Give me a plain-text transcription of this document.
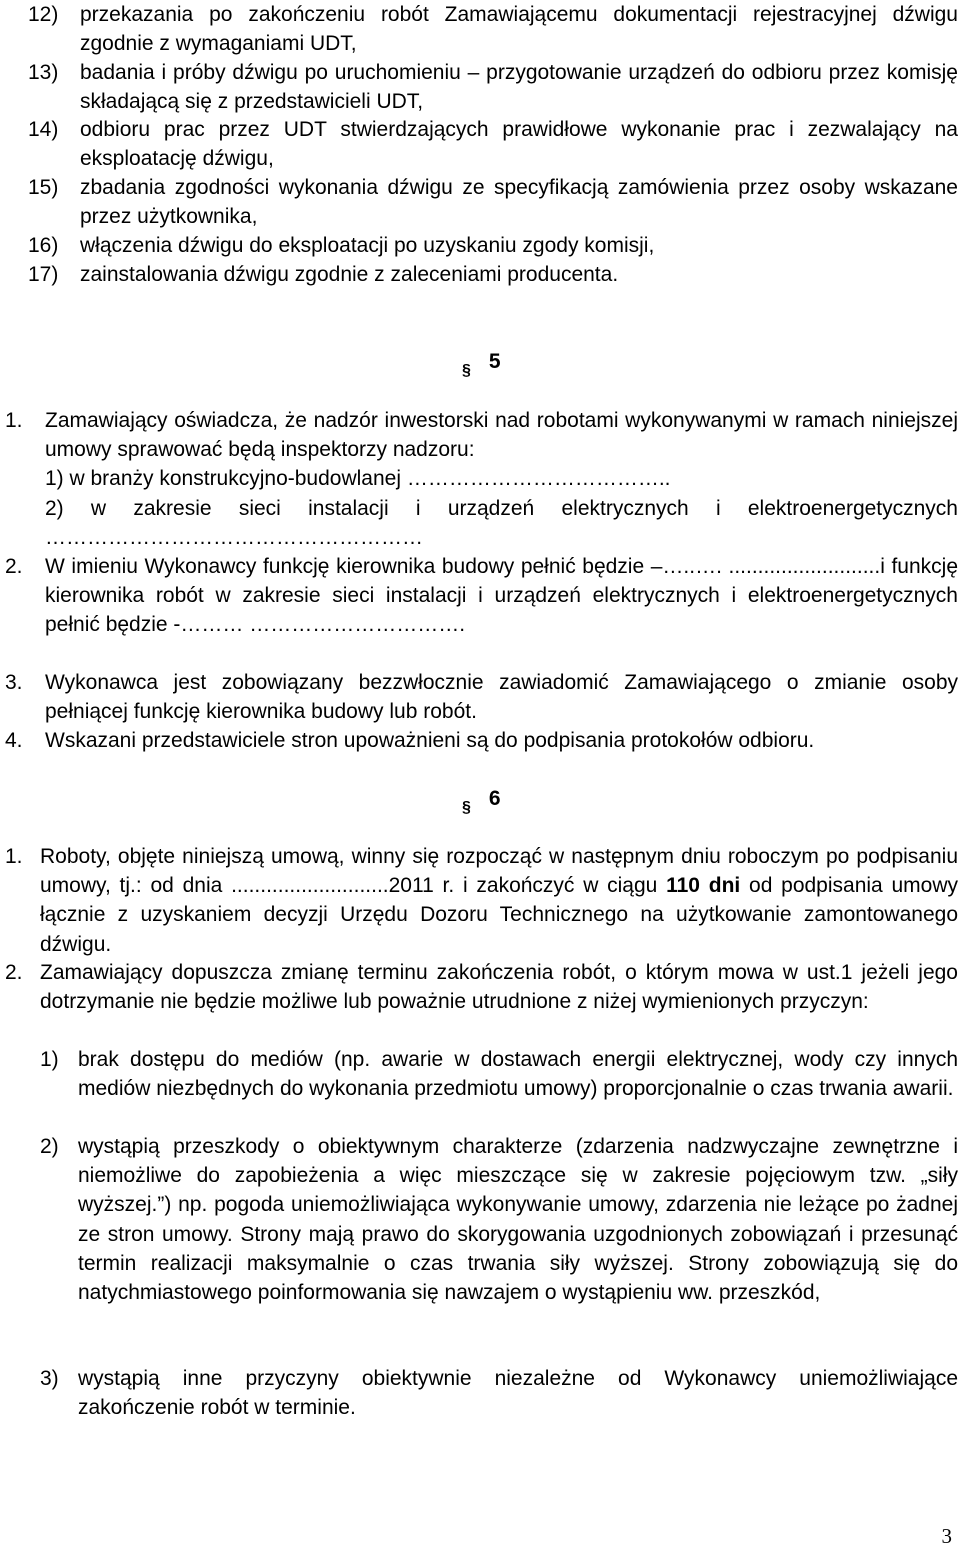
12)	przekazania po zakończeniu robót Zamawiającemu dokumentacji rejestracyjnej dźwigu zgodnie z wymaganiami UDT,
13)	badania i próby dźwigu po uruchomieniu – przygotowanie urządzeń do odbioru przez komisję składającą się z przedstawicieli UDT,
14)	odbioru prac przez UDT stwierdzających prawidłowe wykonanie prac i zezwalający na eksploatację dźwigu,
15)	zbadania zgodności wykonania dźwigu ze specyfikacją zamówienia przez osoby wskazane przez użytkownika,
16)	włączenia dźwigu do eksploatacji po uzyskaniu zgody komisji,
17)	zainstalowania dźwigu zgodnie z zaleceniami producenta.
$_\S$ 5
1.	Zamawiający oświadcza, że nadzór inwestorski nad robotami wykonywanymi w ramach niniejszej umowy sprawować będą inspektorzy nadzoru:
1) w branży konstrukcyjno-budowlanej ………………………………..
2) w zakresie sieci instalacji i urządzeń elektrycznych i elektroenergetycznych ………………………………………………
2.	W imieniu Wykonawcy funkcję kierownika budowy pełnić będzie –…..…. ..........................i funkcję kierownika robót w zakresie sieci instalacji i urządzeń elektrycznych i elektroenergetycznych pełnić będzie -……… ………………………….
3.	Wykonawca jest zobowiązany bezzwłocznie zawiadomić Zamawiającego o zmianie osoby pełniącej funkcję kierownika budowy lub robót.
4.	Wskazani przedstawiciele stron upoważnieni są do podpisania protokołów odbioru.
$_\S$ 6
1. Roboty, objęte niniejszą umową, winny się rozpocząć w następnym dniu roboczym po podpisaniu umowy, tj.: od dnia ...........................2011 r. i zakończyć w ciągu 110 dni od podpisania umowy łącznie z uzyskaniem decyzji Urzędu Dozoru Technicznego na użytkowanie zamontowanego dźwigu.
2. Zamawiający dopuszcza zmianę terminu zakończenia robót, o którym mowa w ust.1 jeżeli jego dotrzymanie nie będzie możliwe lub poważnie utrudnione z niżej wymienionych przyczyn:
1) brak dostępu do mediów (np. awarie w dostawach energii elektrycznej, wody czy innych mediów niezbędnych do wykonania przedmiotu umowy) proporcjonalnie o czas trwania awarii.
2) wystąpią przeszkody o obiektywnym charakterze (zdarzenia nadzwyczajne zewnętrzne i niemożliwe do zapobieżenia a więc mieszczące się w zakresie pojęciowym tzw. „siły wyższej.”) np. pogoda uniemożliwiająca wykonywanie umowy, zdarzenia nie leżące po żadnej ze stron umowy. Strony mają prawo do skorygowania uzgodnionych zobowiązań i przesunąć termin realizacji maksymalnie o czas trwania siły wyższej. Strony zobowiązują się do natychmiastowego poinformowania się nawzajem o wystąpieniu ww. przeszkód,
3) wystąpią inne przyczyny obiektywnie niezależne od Wykonawcy uniemożliwiające zakończenie robót w terminie.
3
